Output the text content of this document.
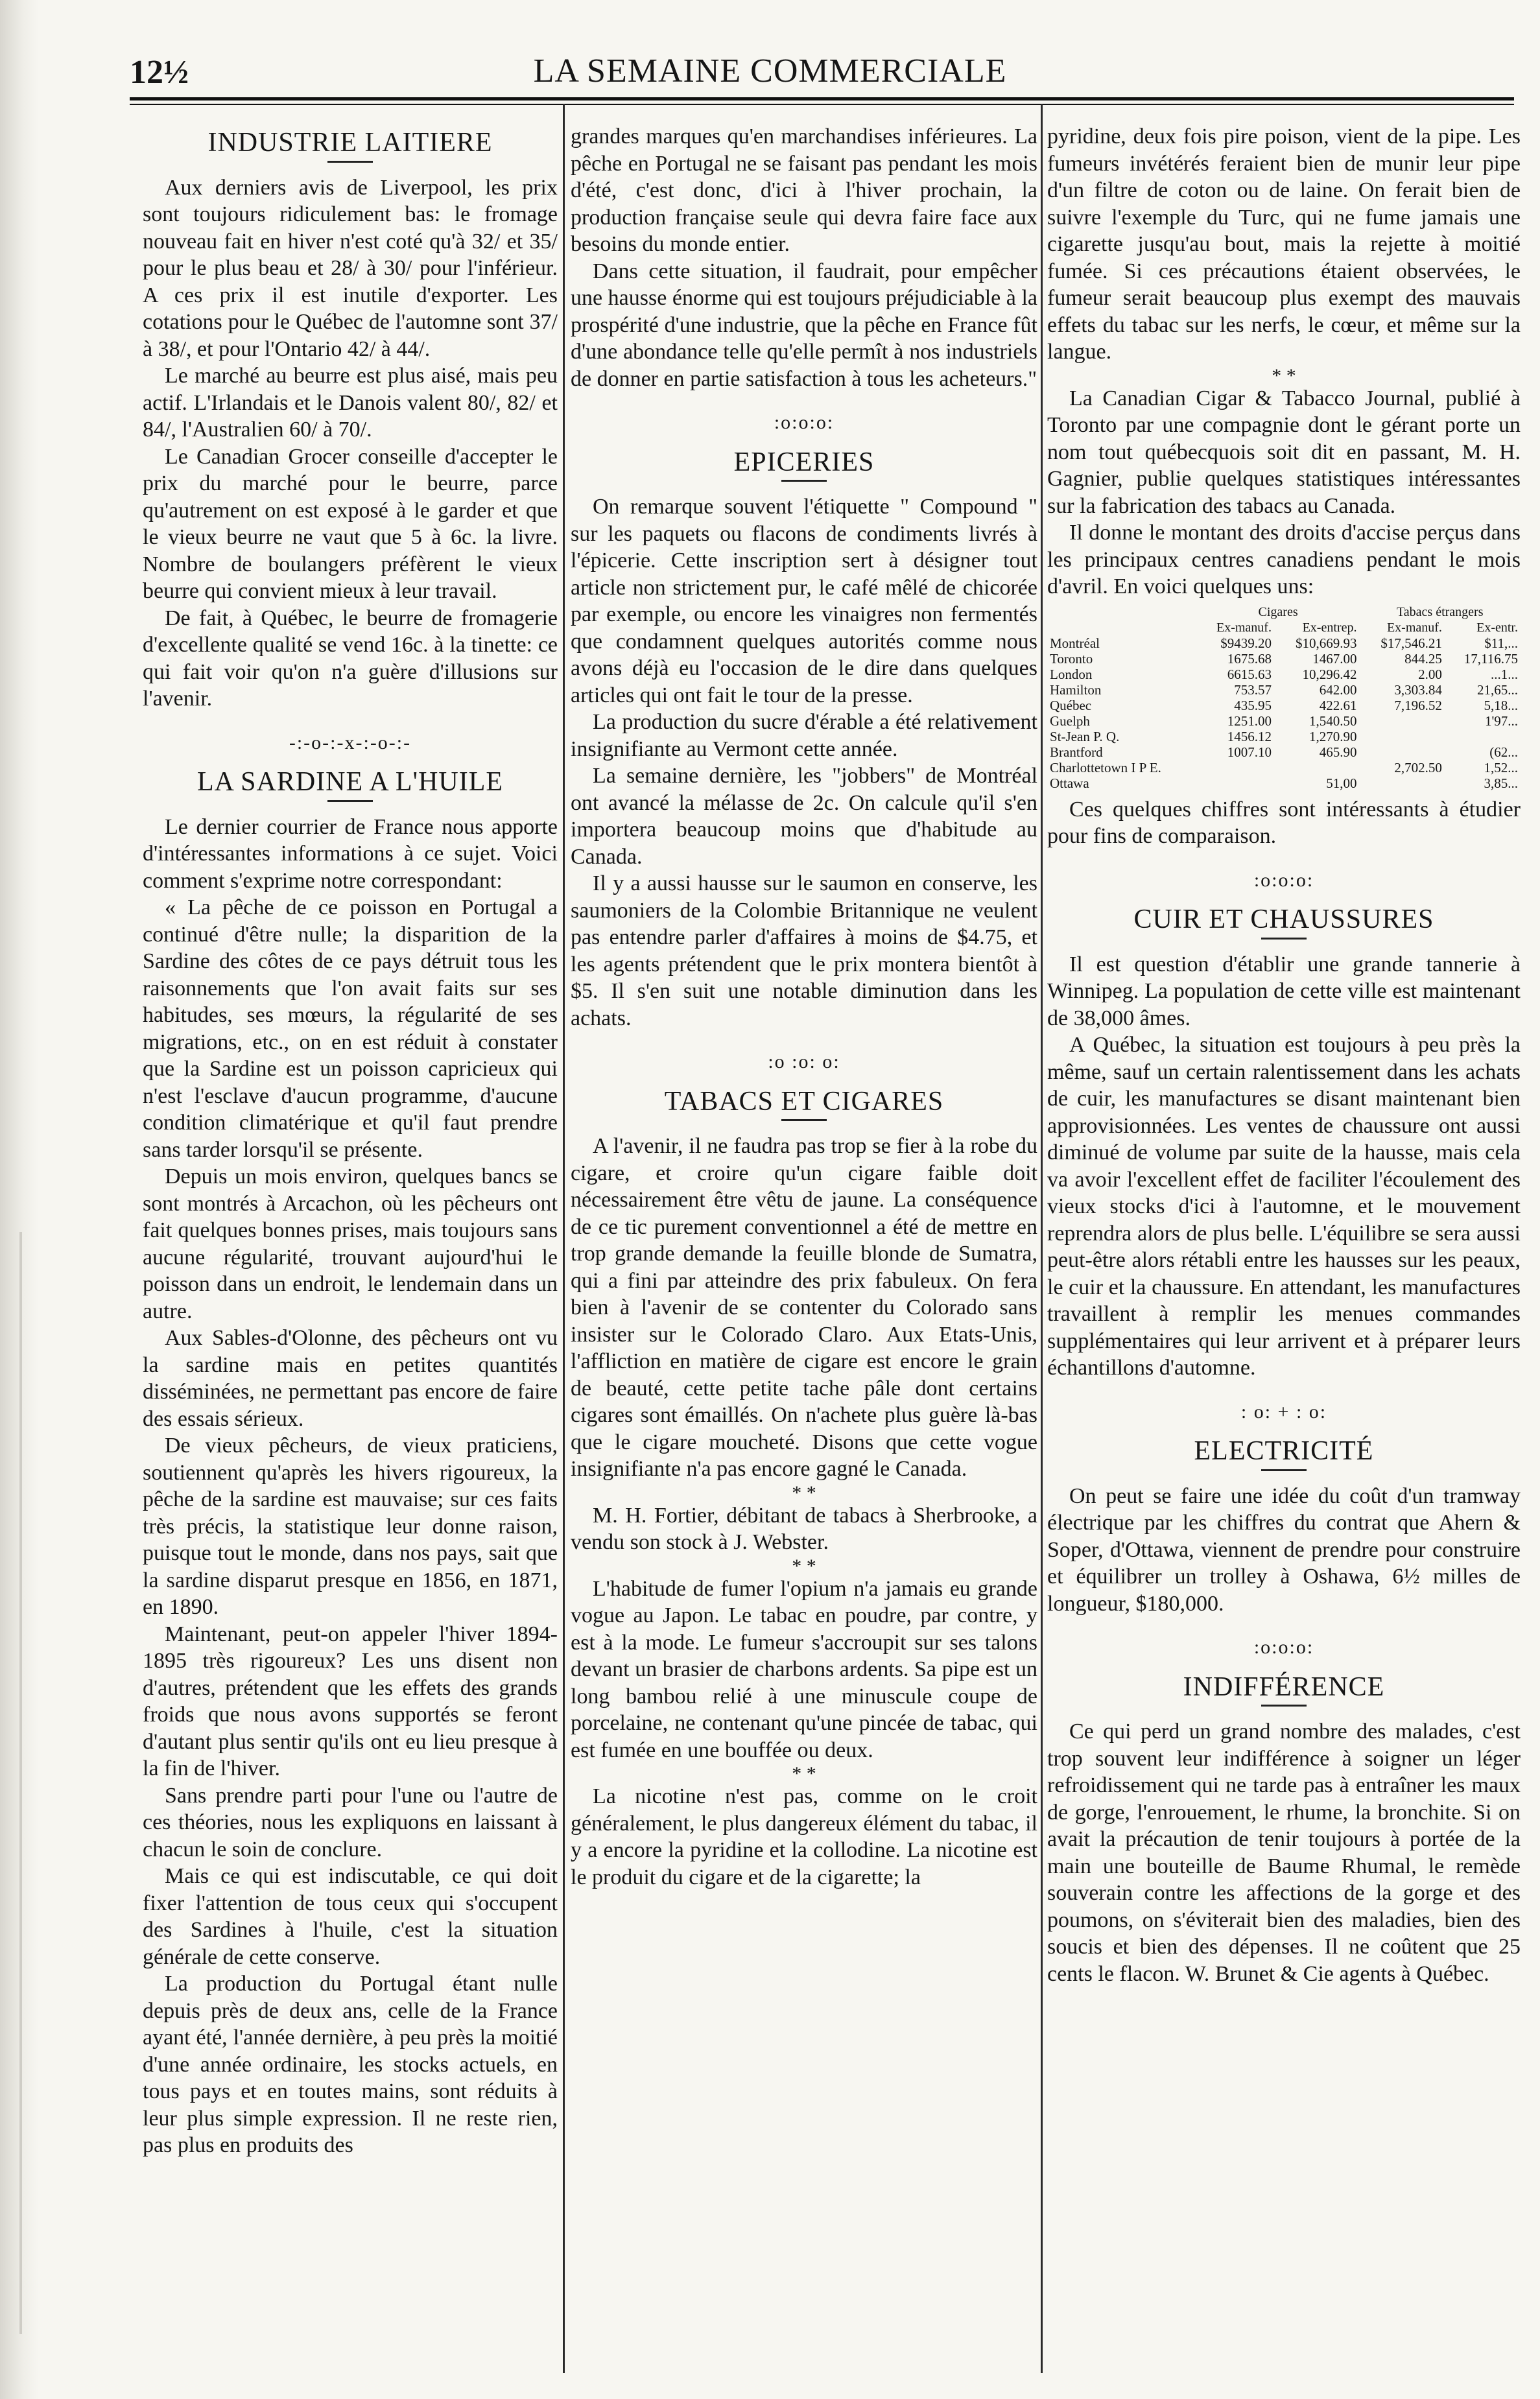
12½	LA SEMAINE COMMERCIALE
INDUSTRIE LAITIERE

Aux derniers avis de Liverpool, les prix sont toujours ridiculement bas: le fromage nouveau fait en hiver n'est coté qu'à 32/ et 35/ pour le plus beau et 28/ à 30/ pour l'inférieur. A ces prix il est inutile d'exporter. Les cotations pour le Québec de l'automne sont 37/ à 38/, et pour l'Ontario 42/ à 44/.

Le marché au beurre est plus aisé, mais peu actif. L'Irlandais et le Danois valent 80/, 82/ et 84/, l'Australien 60/ à 70/.

Le Canadian Grocer conseille d'accepter le prix du marché pour le beurre, parce qu'autrement on est exposé à le garder et que le vieux beurre ne vaut que 5 à 6c. la livre. Nombre de boulangers préfèrent le vieux beurre qui convient mieux à leur travail.

De fait, à Québec, le beurre de fromagerie d'excellente qualité se vend 16c. à la tinette: ce qui fait voir qu'on n'a guère d'illusions sur l'avenir.

-:-o-:-x-:-o-:-
LA SARDINE A L'HUILE

Le dernier courrier de France nous apporte d'intéressantes informations à ce sujet. Voici comment s'exprime notre correspondant:

« La pêche de ce poisson en Portugal a continué d'être nulle; la disparition de la Sardine des côtes de ce pays détruit tous les raisonnements que l'on avait faits sur ses habitudes, ses mœurs, la régularité de ses migrations, etc., on en est réduit à constater que la Sardine est un poisson capricieux qui n'est l'esclave d'aucun programme, d'aucune condition climatérique et qu'il faut prendre sans tarder lorsqu'il se présente.

Depuis un mois environ, quelques bancs se sont montrés à Arcachon, où les pêcheurs ont fait quelques bonnes prises, mais toujours sans aucune régularité, trouvant aujourd'hui le poisson dans un endroit, le lendemain dans un autre.

Aux Sables-d'Olonne, des pêcheurs ont vu la sardine mais en petites quantités disséminées, ne permettant pas encore de faire des essais sérieux.

De vieux pêcheurs, de vieux praticiens, soutiennent qu'après les hivers rigoureux, la pêche de la sardine est mauvaise; sur ces faits très précis, la statistique leur donne raison, puisque tout le monde, dans nos pays, sait que la sardine disparut presque en 1856, en 1871, en 1890.

Maintenant, peut-on appeler l'hiver 1894-1895 très rigoureux? Les uns disent non d'autres, prétendent que les effets des grands froids que nous avons supportés se feront d'autant plus sentir qu'ils ont eu lieu presque à la fin de l'hiver.

Sans prendre parti pour l'une ou l'autre de ces théories, nous les expliquons en laissant à chacun le soin de conclure.

Mais ce qui est indiscutable, ce qui doit fixer l'attention de tous ceux qui s'occupent des Sardines à l'huile, c'est la situation générale de cette conserve.

La production du Portugal étant nulle depuis près de deux ans, celle de la France ayant été, l'année dernière, à peu près la moitié d'une année ordinaire, les stocks actuels, en tous pays et en toutes mains, sont réduits à leur plus simple expression. Il ne reste rien, pas plus en produits des

grandes marques qu'en marchandises inférieures. La pêche en Portugal ne se faisant pas pendant les mois d'été, c'est donc, d'ici à l'hiver prochain, la production française seule qui devra faire face aux besoins du monde entier.

Dans cette situation, il faudrait, pour empêcher une hausse énorme qui est toujours préjudiciable à la prospérité d'une industrie, que la pêche en France fût d'une abondance telle qu'elle permît à nos industriels de donner en partie satisfaction à tous les acheteurs."

:o:o:o:
EPICERIES

On remarque souvent l'étiquette " Compound " sur les paquets ou flacons de condiments livrés à l'épicerie. Cette inscription sert à désigner tout article non strictement pur, le café mêlé de chicorée par exemple, ou encore les vinaigres non fermentés que condamnent quelques autorités comme nous avons déjà eu l'occasion de le dire dans quelques articles qui ont fait le tour de la presse.

La production du sucre d'érable a été relativement insignifiante au Vermont cette année.

La semaine dernière, les "jobbers" de Montréal ont avancé la mélasse de 2c. On calcule qu'il s'en importera beaucoup moins que d'habitude au Canada.

Il y a aussi hausse sur le saumon en conserve, les saumoniers de la Colombie Britannique ne veulent pas entendre parler d'affaires à moins de $4.75, et les agents prétendent que le prix montera bientôt à $5. Il s'en suit une notable diminution dans les achats.

:o :o: o:
TABACS ET CIGARES

A l'avenir, il ne faudra pas trop se fier à la robe du cigare, et croire qu'un cigare faible doit nécessairement être vêtu de jaune. La conséquence de ce tic purement conventionnel a été de mettre en trop grande demande la feuille blonde de Sumatra, qui a fini par atteindre des prix fabuleux. On fera bien à l'avenir de se contenter du Colorado sans insister sur le Colorado Claro. Aux Etats-Unis, l'affliction en matière de cigare est encore le grain de beauté, cette petite tache pâle dont certains cigares sont émaillés. On n'achete plus guère là-bas que le cigare moucheté. Disons que cette vogue insignifiante n'a pas encore gagné le Canada.

* *

M. H. Fortier, débitant de tabacs à Sherbrooke, a vendu son stock à J. Webster.

* *

L'habitude de fumer l'opium n'a jamais eu grande vogue au Japon. Le tabac en poudre, par contre, y est à la mode. Le fumeur s'accroupit sur ses talons devant un brasier de charbons ardents. Sa pipe est un long bambou relié à une minuscule coupe de porcelaine, ne contenant qu'une pincée de tabac, qui est fumée en une bouffée ou deux.

* *

La nicotine n'est pas, comme on le croit généralement, le plus dangereux élément du tabac, il y a encore la pyridine et la collodine. La nicotine est le produit du cigare et de la cigarette; la

pyridine, deux fois pire poison, vient de la pipe. Les fumeurs invétérés feraient bien de munir leur pipe d'un filtre de coton ou de laine. On ferait bien de suivre l'exemple du Turc, qui ne fume jamais une cigarette jusqu'au bout, mais la rejette à moitié fumée. Si ces précautions étaient observées, le fumeur serait beaucoup plus exempt des mauvais effets du tabac sur les nerfs, le cœur, et même sur la langue.

* *

La Canadian Cigar & Tabacco Journal, publié à Toronto par une compagnie dont le gérant porte un nom tout québecquois soit dit en passant, M. H. Gagnier, publie quelques statistiques intéressantes sur la fabrication des tabacs au Canada.

Il donne le montant des droits d'accise perçus dans les principaux centres canadiens pendant le mois d'avril. En voici quelques uns:

	Cigares		Tabacs étrangers	
	Ex-manuf.	Ex-entrep.	Ex-manuf.	Ex-entr.
Montréal	$9439.20	$10,669.93	$17,546.21	$11,...
Toronto	1675.68	1467.00	844.25	17,116.75
London	6615.63	10,296.42	2.00	...1...
Hamilton	753.57	642.00	3,303.84	21,65...
Québec	435.95	422.61	7,196.52	5,18...
Guelph	1251.00	1,540.50		1'97...
St-Jean P. Q.	1456.12	1,270.90		
Brantford	1007.10	465.90		(62...
Charlottetown I P E.			2,702.50	1,52...
Ottawa		51,00		3,85...

Ces quelques chiffres sont intéressants à étudier pour fins de comparaison.

:o:o:o:
CUIR ET CHAUSSURES

Il est question d'établir une grande tannerie à Winnipeg. La population de cette ville est maintenant de 38,000 âmes.

A Québec, la situation est toujours à peu près la même, sauf un certain ralentissement dans les achats de cuir, les manufactures se disant maintenant bien approvisionnées. Les ventes de chaussure ont aussi diminué de volume par suite de la hausse, mais cela va avoir l'excellent effet de faciliter l'écoulement des vieux stocks d'ici à l'automne, et le mouvement reprendra alors de plus belle. L'équilibre se sera aussi peut-être alors rétabli entre les hausses sur les peaux, le cuir et la chaussure. En attendant, les manufactures travaillent à remplir les menues commandes supplémentaires qui leur arrivent et à préparer leurs échantillons d'automne.

: o: + : o:
ELECTRICITÉ

On peut se faire une idée du coût d'un tramway électrique par les chiffres du contrat que Ahern & Soper, d'Ottawa, viennent de prendre pour construire et équilibrer un trolley à Oshawa, 6½ milles de longueur, $180,000.

:o:o:o:
INDIFFÉRENCE

Ce qui perd un grand nombre des malades, c'est trop souvent leur indifférence à soigner un léger refroidissement qui ne tarde pas à entraîner les maux de gorge, l'enrouement, le rhume, la bronchite. Si on avait la précaution de tenir toujours à portée de la main une bouteille de Baume Rhumal, le remède souverain contre les affections de la gorge et des poumons, on s'éviterait bien des maladies, bien des soucis et bien des dépenses. Il ne coûtent que 25 cents le flacon. W. Brunet & Cie agents à Québec.
